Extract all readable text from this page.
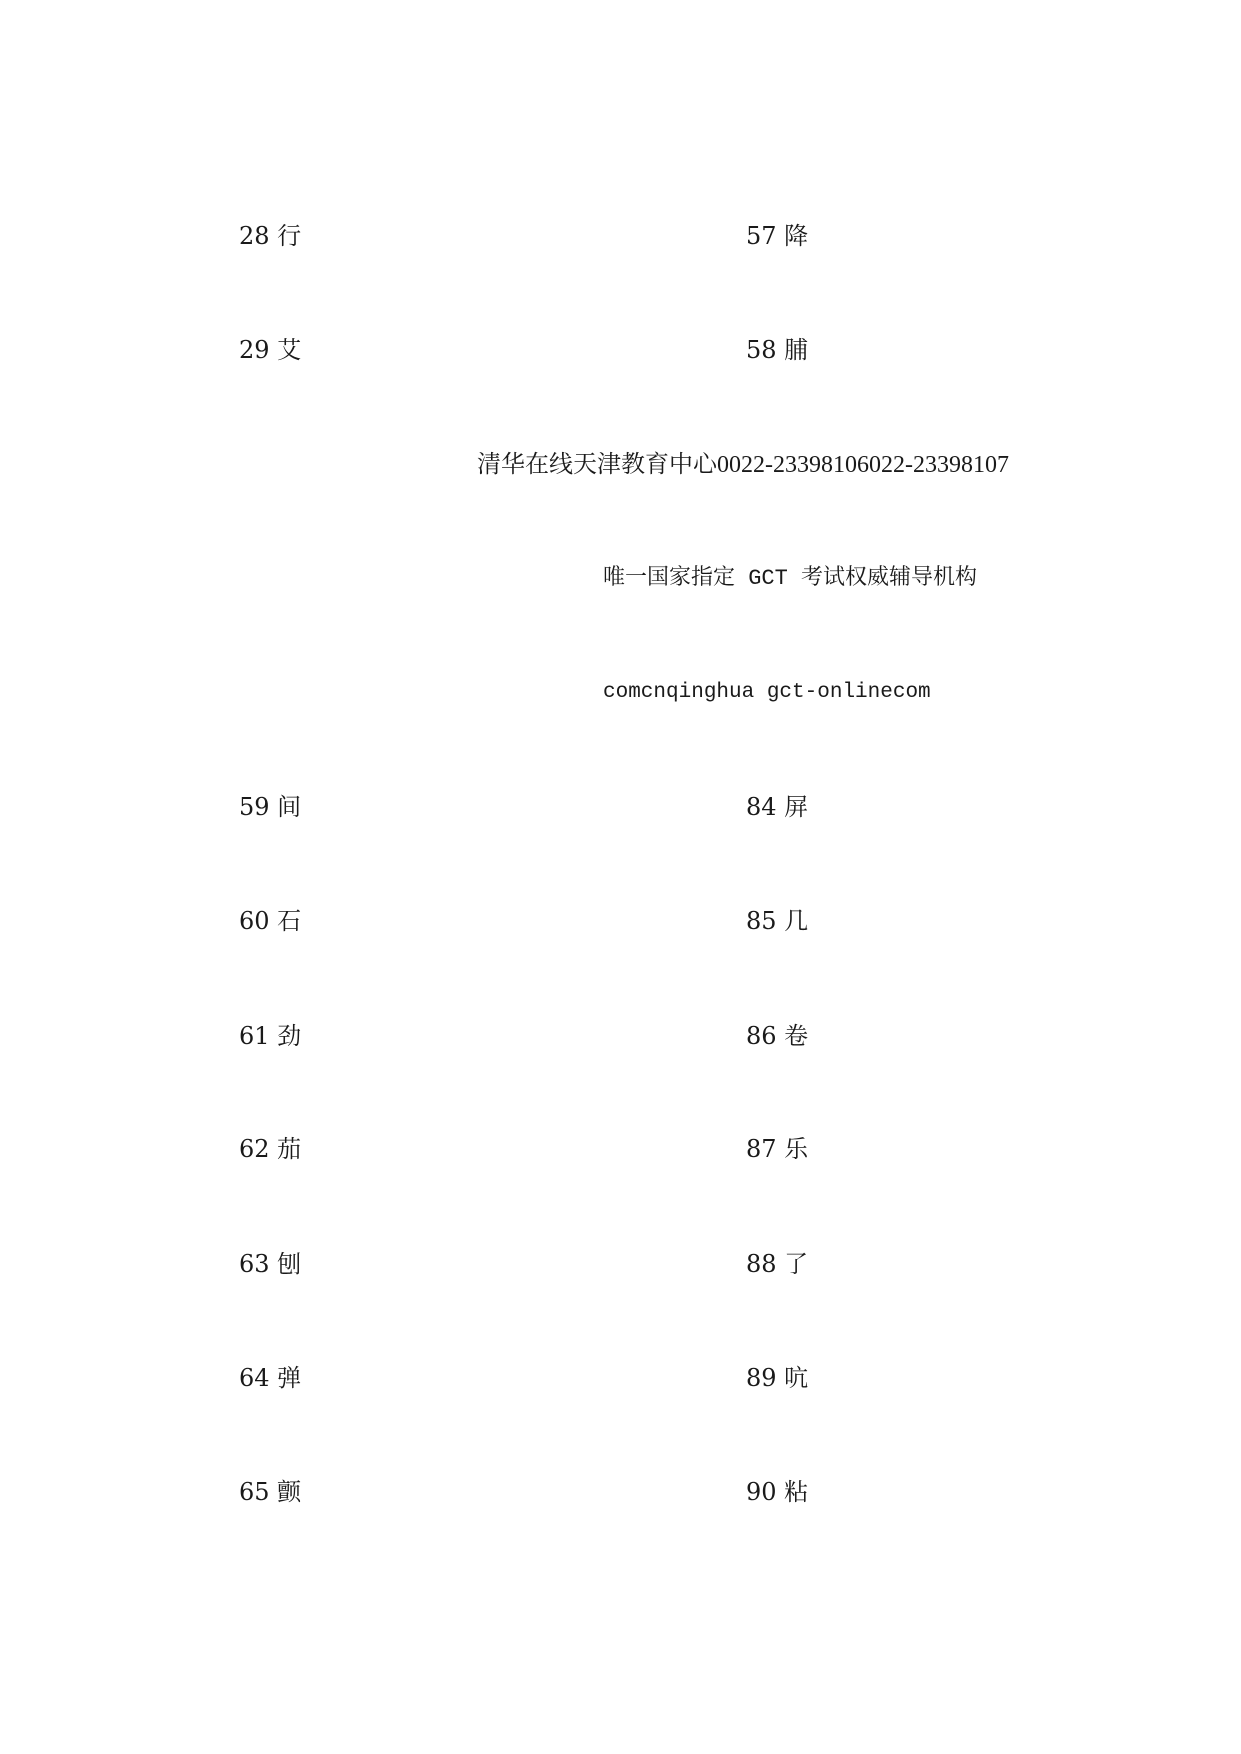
28 行	57 降
29 艾	58 脯
清华在线天津教育中心0022-23398106022-23398107
唯一国家指定 GCT 考试权威辅导机构
comcnqinghua gct-onlinecom
59 间	84 屏
60 石	85 几
61 劲	86 卷
62 茄	87 乐
63 刨	88 了
64 弹	89 吭
65 颤	90 粘
